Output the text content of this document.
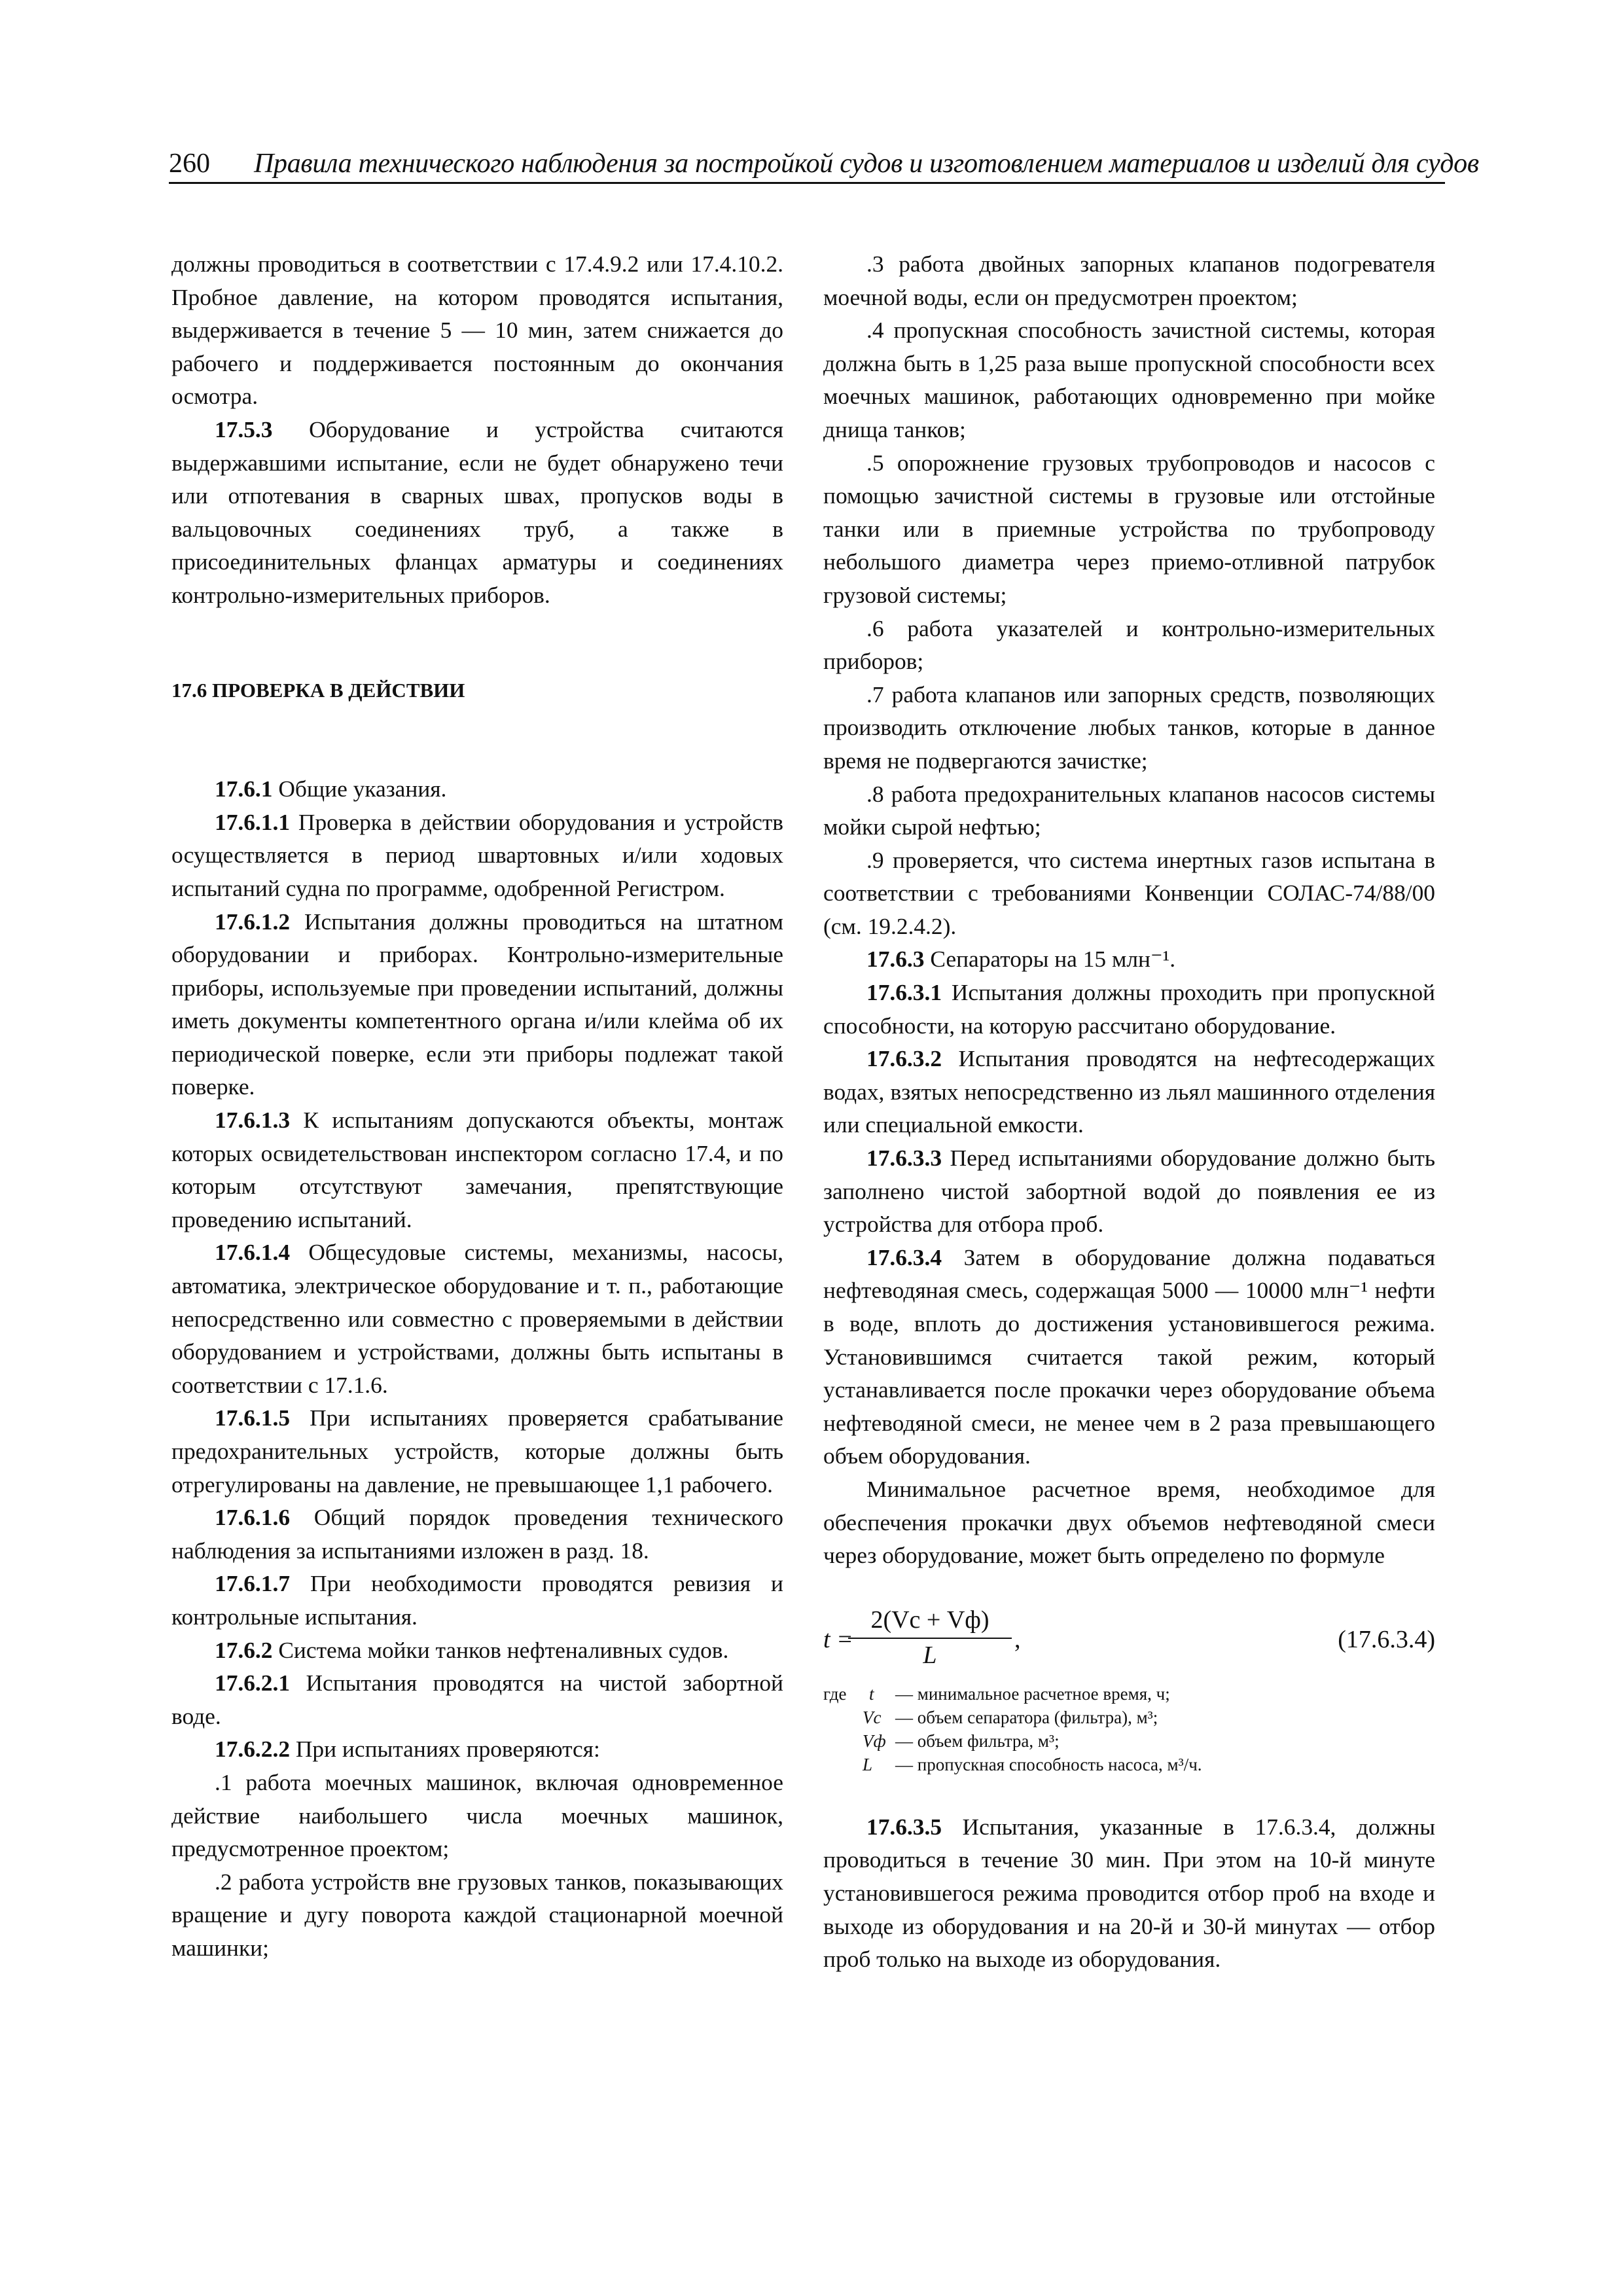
260 Правила технического наблюдения за постройкой судов и изготовлением материалов и изделий для судов

должны проводиться в соответствии с 17.4.9.2 или 17.4.10.2. Пробное давление, на котором проводятся испытания, выдерживается в течение 5 — 10 мин, затем снижается до рабочего и поддерживается постоянным до окончания осмотра.

17.5.3 Оборудование и устройства считаются выдержавшими испытание, если не будет обнаружено течи или отпотевания в сварных швах, пропусков воды в вальцовочных соединениях труб, а также в присоединительных фланцах арматуры и соединениях контрольно-измерительных приборов.

17.6 ПРОВЕРКА В ДЕЙСТВИИ

17.6.1 Общие указания.

17.6.1.1 Проверка в действии оборудования и устройств осуществляется в период швартовных и/или ходовых испытаний судна по программе, одобренной Регистром.

17.6.1.2 Испытания должны проводиться на штатном оборудовании и приборах. Контрольно-измерительные приборы, используемые при проведении испытаний, должны иметь документы компетентного органа и/или клейма об их периодической поверке, если эти приборы подлежат такой поверке.

17.6.1.3 К испытаниям допускаются объекты, монтаж которых освидетельствован инспектором согласно 17.4, и по которым отсутствуют замечания, препятствующие проведению испытаний.

17.6.1.4 Общесудовые системы, механизмы, насосы, автоматика, электрическое оборудование и т. п., работающие непосредственно или совместно с проверяемыми в действии оборудованием и устройствами, должны быть испытаны в соответствии с 17.1.6.

17.6.1.5 При испытаниях проверяется срабатывание предохранительных устройств, которые должны быть отрегулированы на давление, не превышающее 1,1 рабочего.

17.6.1.6 Общий порядок проведения технического наблюдения за испытаниями изложен в разд. 18.

17.6.1.7 При необходимости проводятся ревизия и контрольные испытания.

17.6.2 Система мойки танков нефтеналивных судов.

17.6.2.1 Испытания проводятся на чистой забортной воде.

17.6.2.2 При испытаниях проверяются:

.1 работа моечных машинок, включая одновременное действие наибольшего числа моечных машинок, предусмотренное проектом;

.2 работа устройств вне грузовых танков, показывающих вращение и дугу поворота каждой стационарной моечной машинки;

.3 работа двойных запорных клапанов подогревателя моечной воды, если он предусмотрен проектом;

.4 пропускная способность зачистной системы, которая должна быть в 1,25 раза выше пропускной способности всех моечных машинок, работающих одновременно при мойке днища танков;

.5 опорожнение грузовых трубопроводов и насосов с помощью зачистной системы в грузовые или отстойные танки или в приемные устройства по трубопроводу небольшого диаметра через приемо-отливной патрубок грузовой системы;

.6 работа указателей и контрольно-измерительных приборов;

.7 работа клапанов или запорных средств, позволяющих производить отключение любых танков, которые в данное время не подвергаются зачистке;

.8 работа предохранительных клапанов насосов системы мойки сырой нефтью;

.9 проверяется, что система инертных газов испытана в соответствии с требованиями Конвенции СОЛАС-74/88/00 (см. 19.2.4.2).

17.6.3 Сепараторы на 15 млн⁻¹.

17.6.3.1 Испытания должны проходить при пропускной способности, на которую рассчитано оборудование.

17.6.3.2 Испытания проводятся на нефтесодержащих водах, взятых непосредственно из льял машинного отделения или специальной емкости.

17.6.3.3 Перед испытаниями оборудование должно быть заполнено чистой забортной водой до появления ее из устройства для отбора проб.

17.6.3.4 Затем в оборудование должна подаваться нефтеводяная смесь, содержащая 5000 — 10000 млн⁻¹ нефти в воде, вплоть до достижения установившегося режима. Установившимся считается такой режим, который устанавливается после прокачки через оборудование объема нефтеводяной смеси, не менее чем в 2 раза превышающего объем оборудования.

Минимальное расчетное время, необходимое для обеспечения прокачки двух объемов нефтеводяной смеси через оборудование, может быть определено по формуле

t =
2(Vс + Vф)
L
,	(17.6.3.4)
где t — минимальное расчетное время, ч;
Vс — объем сепаратора (фильтра), м³;
Vф — объем фильтра, м³;
L — пропускная способность насоса, м³/ч.

17.6.3.5 Испытания, указанные в 17.6.3.4, должны проводиться в течение 30 мин. При этом на 10-й минуте установившегося режима проводится отбор проб на входе и выходе из оборудования и на 20-й и 30-й минутах — отбор проб только на выходе из оборудования.
